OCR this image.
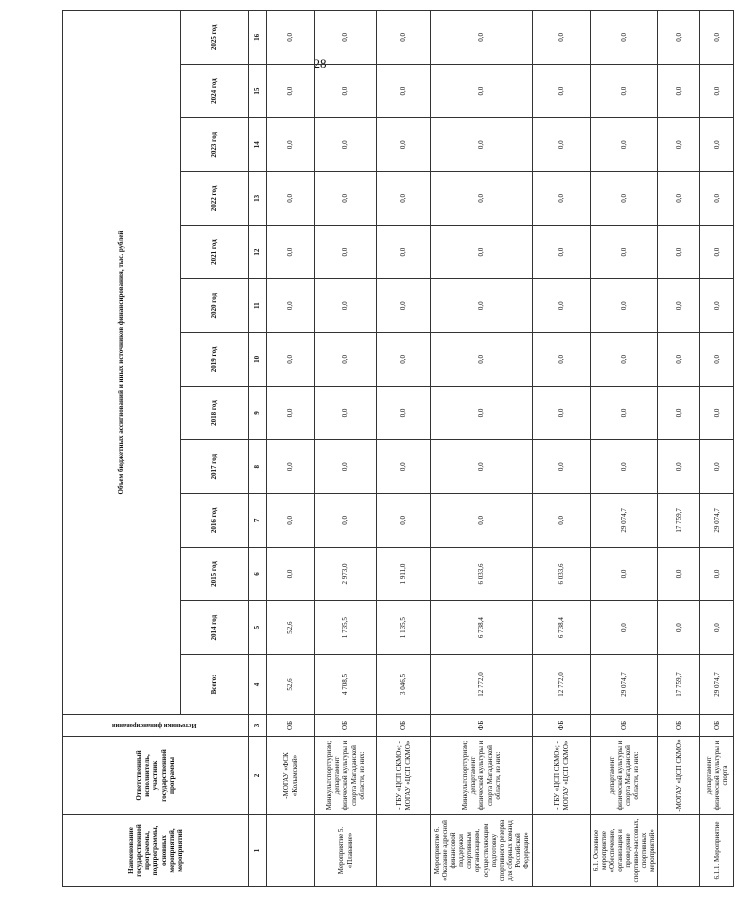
28
Наименование государственной программы, подпрограммы, основных мероприятий, мероприятий	Ответственный исполнитель, участник государственной программы	Источники финансирования	Объем бюджетных ассигнований и иных источников финансирования, тыс. рублей												
			Всего:	2014 год	2015 год	2016 год	2017 год	2018 год	2019 год	2020 год	2021 год	2022 год	2023 год	2024 год	2025 год
1	2	3	4	5	6	7	8	9	10	11	12	13	14	15	16
	-МОГАУ «ФСК «Колымский»	ОБ	52,6	52,6	0,0	0,0	0,0	0,0	0,0	0,0	0,0	0,0	0,0	0,0	0,0
Мероприятие 5. «Плавание»	Минкультспорттуризм; департамент физической культуры и спорта Магаданской области, из них:	ОБ	4 708,5	1 735,5	2 973,0	0,0	0,0	0,0	0,0	0,0	0,0	0,0	0,0	0,0	0,0
	- ГБУ «ЦСП СКМО»; - МОГАУ «ЦСП СКМО»	ОБ	3 046,5	1 135,5	1 911,0	0,0	0,0	0,0	0,0	0,0	0,0	0,0	0,0	0,0	0,0
Мероприятие 6. «Оказание адресной финансовой поддержки спортивным организациям, осуществляющим подготовку спортивного резерва для сборных команд Российской Федерации»	Минкультспорттуризм; департамент физической культуры и спорта Магаданской области, из них:	ФБ	12 772,0	6 738,4	6 033,6	0,0	0,0	0,0	0,0	0,0	0,0	0,0	0,0	0,0	0,0
	- ГБУ «ЦСП СКМО»; - МОГАУ «ЦСП СКМО»	ФБ	12 772,0	6 738,4	6 033,6	0,0	0,0	0,0	0,0	0,0	0,0	0,0	0,0	0,0	0,0
6.1. Основное мероприятие «Обеспечение, организация и проведение спортивно-массовых, спортивных мероприятий»	департамент физической культуры и спорта Магаданской области, из них:	ОБ	29 074,7	0,0	0,0	29 074,7	0,0	0,0	0,0	0,0	0,0	0,0	0,0	0,0	0,0
	-МОГАУ «ЦСП СКМО»	ОБ	17 759,7	0,0	0,0	17 759,7	0,0	0,0	0,0	0,0	0,0	0,0	0,0	0,0	0,0
6.1.1. Мероприятие	департамент физической культуры и спорта	ОБ	29 074,7	0,0	0,0	29 074,7	0,0	0,0	0,0	0,0	0,0	0,0	0,0	0,0	0,0
